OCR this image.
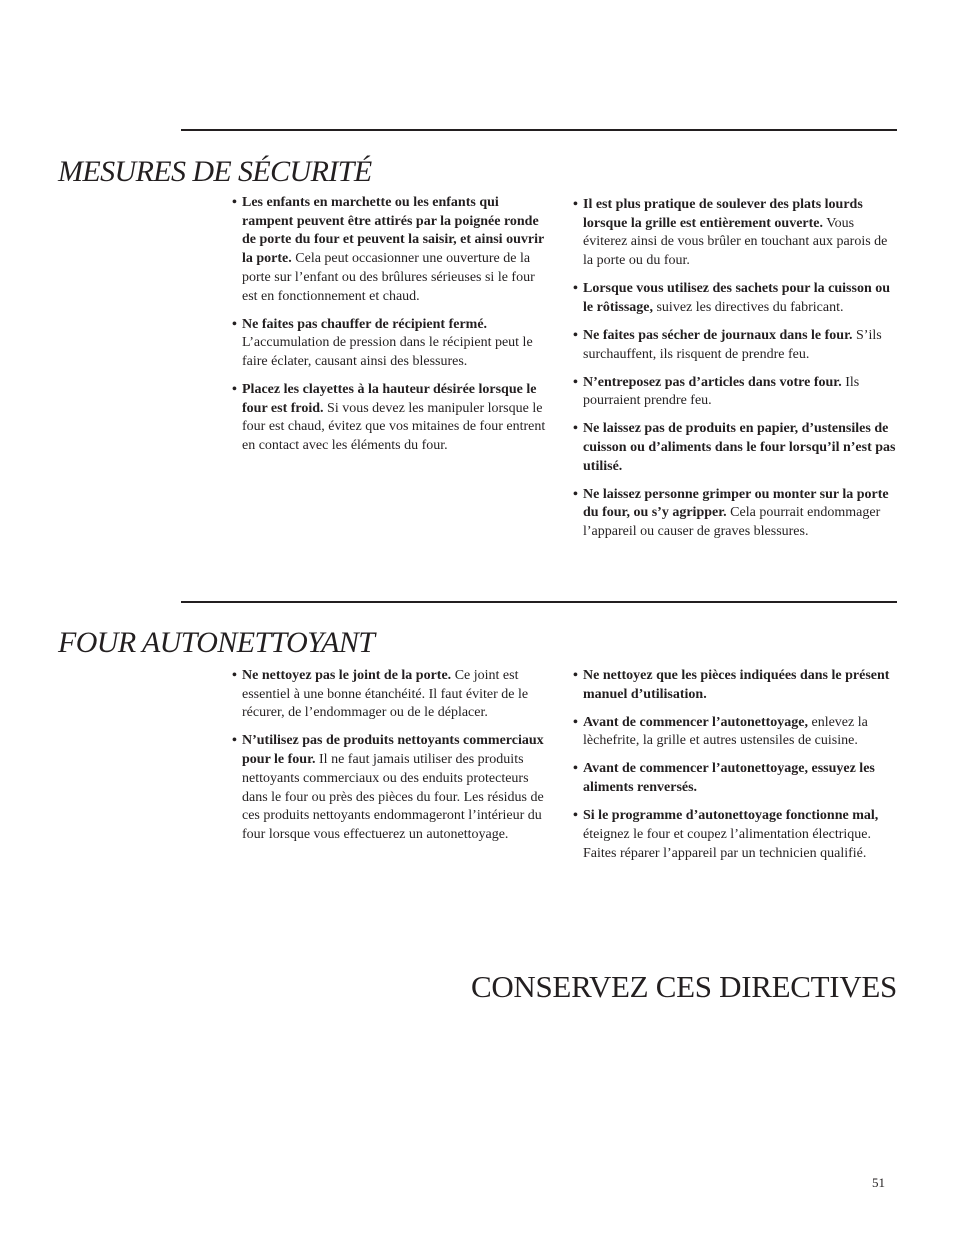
MESURES DE SÉCURITÉ
• Les enfants en marchette ou les enfants qui rampent peuvent être attirés par la poignée ronde de porte du four et peuvent la saisir, et ainsi ouvrir la porte. Cela peut occasionner une ouverture de la porte sur l’enfant ou des brûlures sérieuses si le four est en fonctionnement et chaud.
• Ne faites pas chauffer de récipient fermé. L’accumulation de pression dans le récipient peut le faire éclater, causant ainsi des blessures.
• Placez les clayettes à la hauteur désirée lorsque le four est froid. Si vous devez les manipuler lorsque le four est chaud, évitez que vos mitaines de four entrent en contact avec les éléments du four.
• Il est plus pratique de soulever des plats lourds lorsque la grille est entièrement ouverte. Vous éviterez ainsi de vous brûler en touchant aux parois de la porte ou du four.
• Lorsque vous utilisez des sachets pour la cuisson ou le rôtissage, suivez les directives du fabricant.
• Ne faites pas sécher de journaux dans le four. S’ils surchauffent, ils risquent de prendre feu.
• N’entreposez pas d’articles dans votre four. Ils pourraient prendre feu.
• Ne laissez pas de produits en papier, d’ustensiles de cuisson ou d’aliments dans le four lorsqu’il n’est pas utilisé.
• Ne laissez personne grimper ou monter sur la porte du four, ou s’y agripper. Cela pourrait endommager l’appareil ou causer de graves blessures.
FOUR AUTONETTOYANT
• Ne nettoyez pas le joint de la porte. Ce joint est essentiel à une bonne étanchéité. Il faut éviter de le récurer, de l’endommager ou de le déplacer.
• N’utilisez pas de produits nettoyants commerciaux pour le four. Il ne faut jamais utiliser des produits nettoyants commerciaux ou des enduits protecteurs dans le four ou près des pièces du four. Les résidus de ces produits nettoyants endommageront l’intérieur du four lorsque vous effectuerez un autonettoyage.
• Ne nettoyez que les pièces indiquées dans le présent manuel d’utilisation.
• Avant de commencer l’autonettoyage, enlevez la lèchefrite, la grille et autres ustensiles de cuisine.
• Avant de commencer l’autonettoyage, essuyez les aliments renversés.
• Si le programme d’autonettoyage fonctionne mal, éteignez le four et coupez l’alimentation électrique. Faites réparer l’appareil par un technicien qualifié.
CONSERVEZ CES DIRECTIVES
51
